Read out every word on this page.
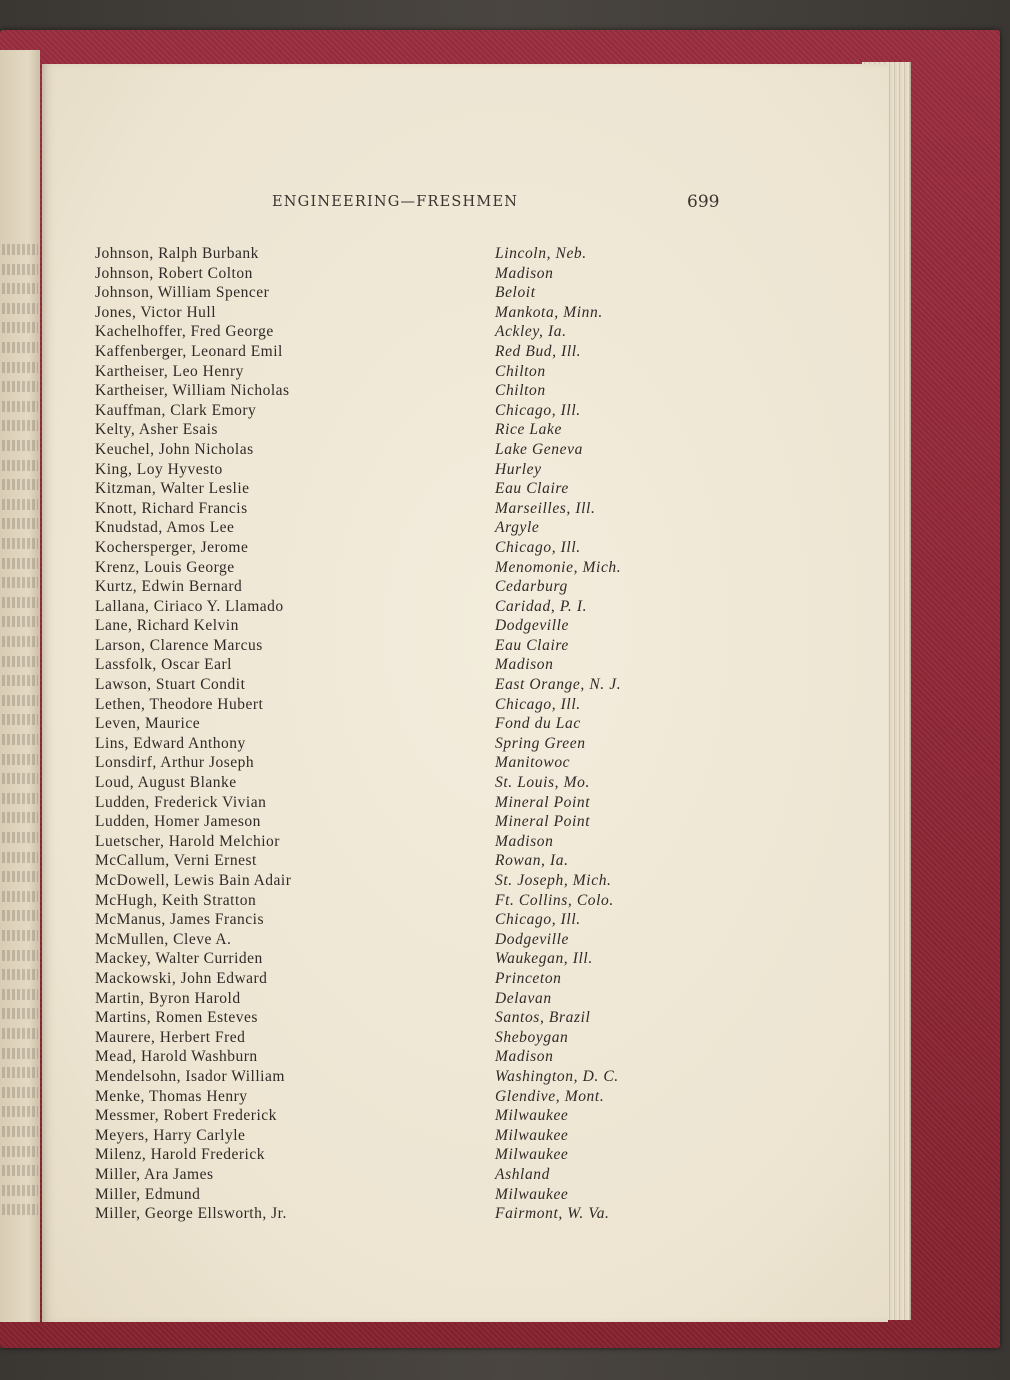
ENGINEERING—FRESHMEN	699
Johnson, Ralph Burbank	Lincoln, Neb.
Johnson, Robert Colton	Madison
Johnson, William Spencer	Beloit
Jones, Victor Hull	Mankota, Minn.
Kachelhoffer, Fred George	Ackley, Ia.
Kaffenberger, Leonard Emil	Red Bud, Ill.
Kartheiser, Leo Henry	Chilton
Kartheiser, William Nicholas	Chilton
Kauffman, Clark Emory	Chicago, Ill.
Kelty, Asher Esais	Rice Lake
Keuchel, John Nicholas	Lake Geneva
King, Loy Hyvesto	Hurley
Kitzman, Walter Leslie	Eau Claire
Knott, Richard Francis	Marseilles, Ill.
Knudstad, Amos Lee	Argyle
Kochersperger, Jerome	Chicago, Ill.
Krenz, Louis George	Menomonie, Mich.
Kurtz, Edwin Bernard	Cedarburg
Lallana, Ciriaco Y. Llamado	Caridad, P. I.
Lane, Richard Kelvin	Dodgeville
Larson, Clarence Marcus	Eau Claire
Lassfolk, Oscar Earl	Madison
Lawson, Stuart Condit	East Orange, N. J.
Lethen, Theodore Hubert	Chicago, Ill.
Leven, Maurice	Fond du Lac
Lins, Edward Anthony	Spring Green
Lonsdirf, Arthur Joseph	Manitowoc
Loud, August Blanke	St. Louis, Mo.
Ludden, Frederick Vivian	Mineral Point
Ludden, Homer Jameson	Mineral Point
Luetscher, Harold Melchior	Madison
McCallum, Verni Ernest	Rowan, Ia.
McDowell, Lewis Bain Adair	St. Joseph, Mich.
McHugh, Keith Stratton	Ft. Collins, Colo.
McManus, James Francis	Chicago, Ill.
McMullen, Cleve A.	Dodgeville
Mackey, Walter Curriden	Waukegan, Ill.
Mackowski, John Edward	Princeton
Martin, Byron Harold	Delavan
Martins, Romen Esteves	Santos, Brazil
Maurere, Herbert Fred	Sheboygan
Mead, Harold Washburn	Madison
Mendelsohn, Isador William	Washington, D. C.
Menke, Thomas Henry	Glendive, Mont.
Messmer, Robert Frederick	Milwaukee
Meyers, Harry Carlyle	Milwaukee
Milenz, Harold Frederick	Milwaukee
Miller, Ara James	Ashland
Miller, Edmund	Milwaukee
Miller, George Ellsworth, Jr.	Fairmont, W. Va.
